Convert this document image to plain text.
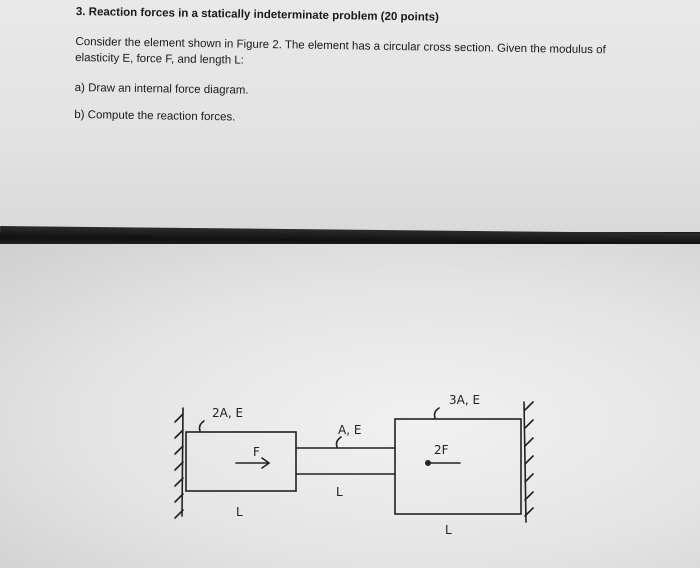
3. Reaction forces in a statically indeterminate problem (20 points)
Consider the element shown in Figure 2. The element has a circular cross section. Given the modulus of
elasticity E, force F, and length L:
a) Draw an internal force diagram.
b) Compute the reaction forces.
2A, E
F
L
A, E
L
3A, E
2F
L
